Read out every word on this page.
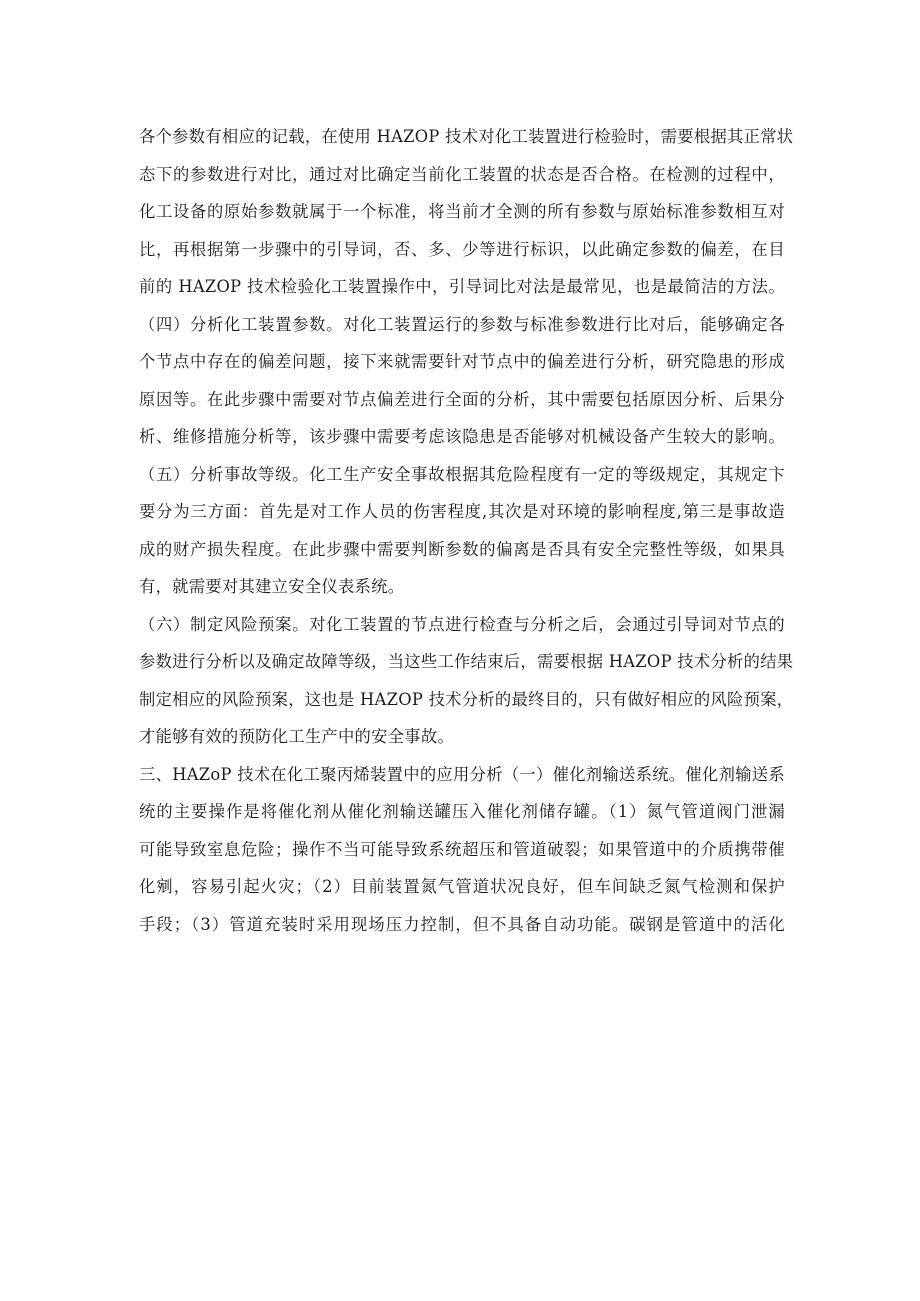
各个参数有相应的记载，在使用 HAZOP 技术对化工装置进行检验时，需要根据其正常状
态下的参数进行对比，通过对比确定当前化工装置的状态是否合格。在检测的过程中，
化工设备的原始参数就属于一个标准，将当前才全测的所有参数与原始标准参数相互对
比，再根据第一步骤中的引导词，否、多、少等进行标识，以此确定参数的偏差，在目
前的 HAZOP 技术检验化工装置操作中，引导词比对法是最常见，也是最简洁的方法。
（四）分析化工装置参数。对化工装置运行的参数与标准参数进行比对后，能够确定各
个节点中存在的偏差问题，接下来就需要针对节点中的偏差进行分析，研究隐患的形成
原因等。在此步骤中需要对节点偏差进行全面的分析，其中需要包括原因分析、后果分
析、维修措施分析等，该步骤中需要考虑该隐患是否能够对机械设备产生较大的影响。
（五）分析事故等级。化工生产安全事故根据其危险程度有一定的等级规定，其规定卞
要分为三方面：首先是对工作人员的伤害程度,其次是对环境的影响程度,第三是事故造
成的财产损失程度。在此步骤中需要判断参数的偏离是否具有安全完整性等级，如果具
有，就需要对其建立安全仪表系统。
（六）制定风险预案。对化工装置的节点进行检查与分析之后，会通过引导词对节点的
参数进行分析以及确定故障等级，当这些工作结束后，需要根据 HAZOP 技术分析的结果
制定相应的风险预案，这也是 HAZOP 技术分析的最终目的，只有做好相应的风险预案，
才能够有效的预防化工生产中的安全事故。
三、HAZoP 技术在化工聚丙烯装置中的应用分析（一）催化剂输送系统。催化剂输送系
统的主要操作是将催化剂从催化剂输送罐压入催化剂储存罐。（1）氮气管道阀门泄漏
可能导致室息危险；操作不当可能导致系统超压和管道破裂；如果管道中的介质携带催
化剜，容易引起火灾；（2）目前装置氮气管道状况良好，但车间缺乏氮气检测和保护
手段；（3）管道充装时采用现场压力控制，但不具备自动功能。碳钢是管道中的活化
